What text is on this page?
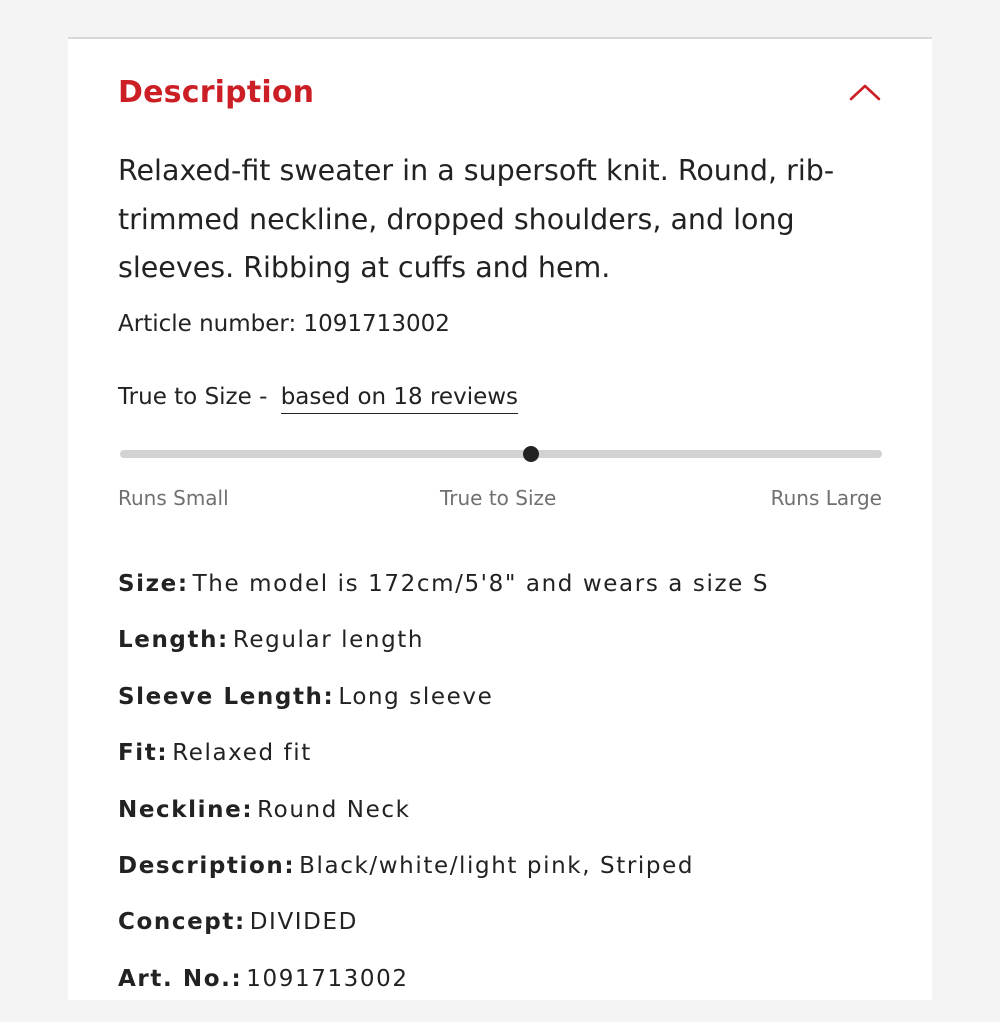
Description
Relaxed-fit sweater in a supersoft knit. Round, rib-trimmed neckline, dropped shoulders, and long sleeves. Ribbing at cuffs and hem.
Article number: 1091713002
True to Size - based on 18 reviews
Runs Small	True to Size	Runs Large
Size: The model is 172cm/5'8" and wears a size S
Length: Regular length
Sleeve Length: Long sleeve
Fit: Relaxed fit
Neckline: Round Neck
Description: Black/white/light pink, Striped
Concept: DIVIDED
Art. No.: 1091713002
